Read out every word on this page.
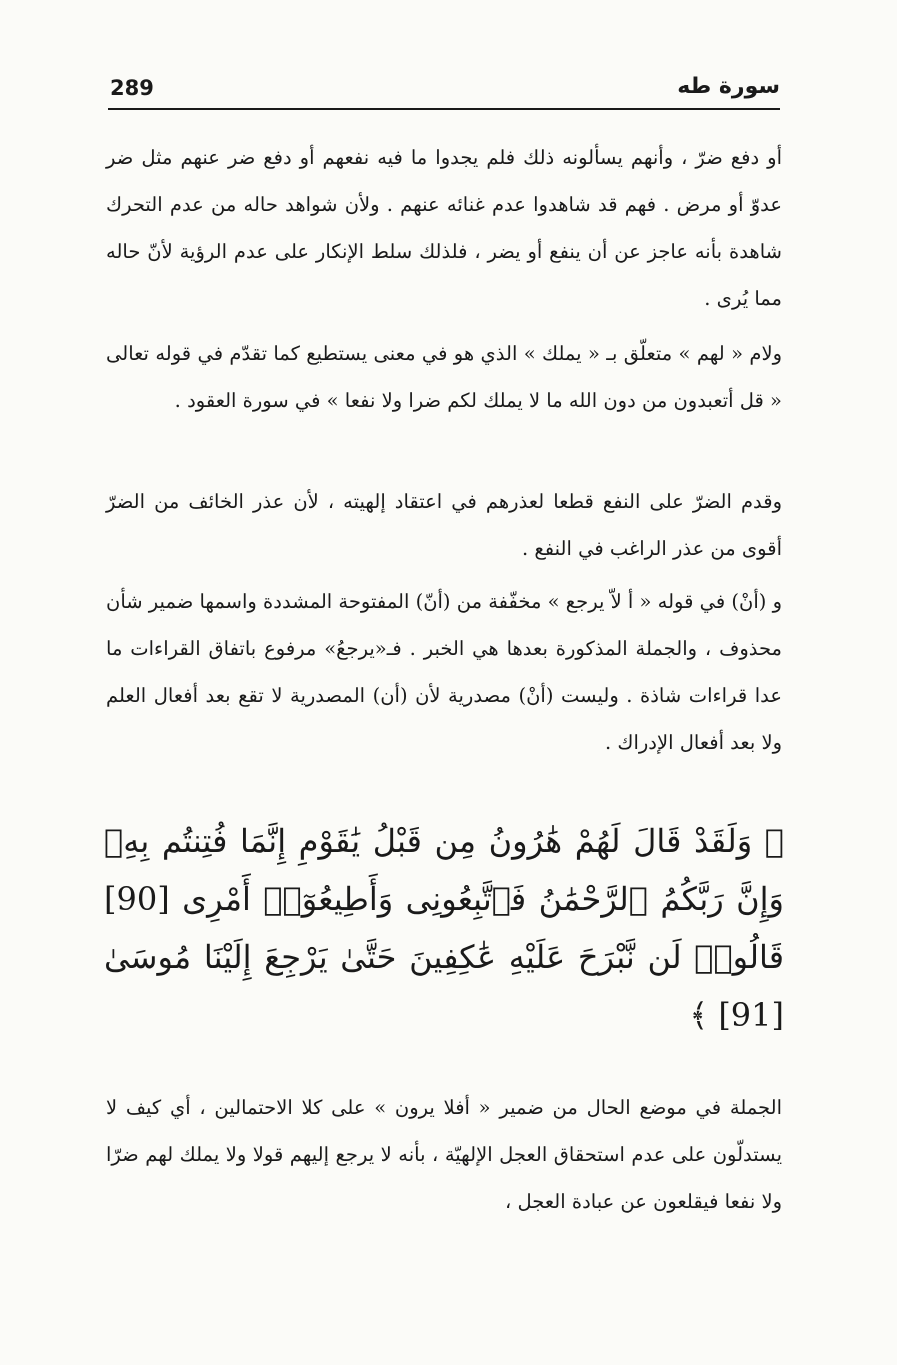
289	سورة طه

أو دفع ضرّ ، وأنهم يسألونه ذلك فلم يجدوا ما فيه نفعهم أو دفع ضر عنهم مثل ضر عدوّ أو مرض . فهم قد شاهدوا عدم غنائه عنهم . ولأن شواهد حاله من عدم التحرك شاهدة بأنه عاجز عن أن ينفع أو يضر ، فلذلك سلط الإنكار على عدم الرؤية لأنّ حاله مما يُرى .

ولام « لهم » متعلّق بـ « يملك » الذي هو في معنى يستطيع كما تقدّم في قوله تعالى « قل أتعبدون من دون الله ما لا يملك لكم ضرا ولا نفعا » في سورة العقود .

وقدم الضرّ على النفع قطعا لعذرهم في اعتقاد إلهيته ، لأن عذر الخائف من الضرّ أقوى من عذر الراغب في النفع .

و (أنْ) في قوله « أ لاّ يرجع » مخفّفة من (أنّ) المفتوحة المشددة واسمها ضمير شأن محذوف ، والجملة المذكورة بعدها هي الخبر . فـ«يرجعُ» مرفوع باتفاق القراءات ما عدا قراءات شاذة . وليست (أنْ) مصدرية لأن (أن) المصدرية لا تقع بعد أفعال العلم ولا بعد أفعال الإدراك .

﴿ وَلَقَدْ قَالَ لَهُمْ هَٰرُونُ مِن قَبْلُ يَٰقَوْمِ إِنَّمَا فُتِنتُم بِهِۦ وَإِنَّ رَبَّكُمُ ٱلرَّحْمَٰنُ فَٱتَّبِعُونِى وَأَطِيعُوٓا۟ أَمْرِى [90] قَالُوا۟ لَن نَّبْرَحَ عَلَيْهِ عَٰكِفِينَ حَتَّىٰ يَرْجِعَ إِلَيْنَا مُوسَىٰ [91] ﴾

الجملة في موضع الحال من ضمير « أفلا يرون » على كلا الاحتمالين ، أي كيف لا يستدلّون على عدم استحقاق العجل الإلهيّة ، بأنه لا يرجع إليهم قولا ولا يملك لهم ضرّا ولا نفعا فيقلعون عن عبادة العجل ،
